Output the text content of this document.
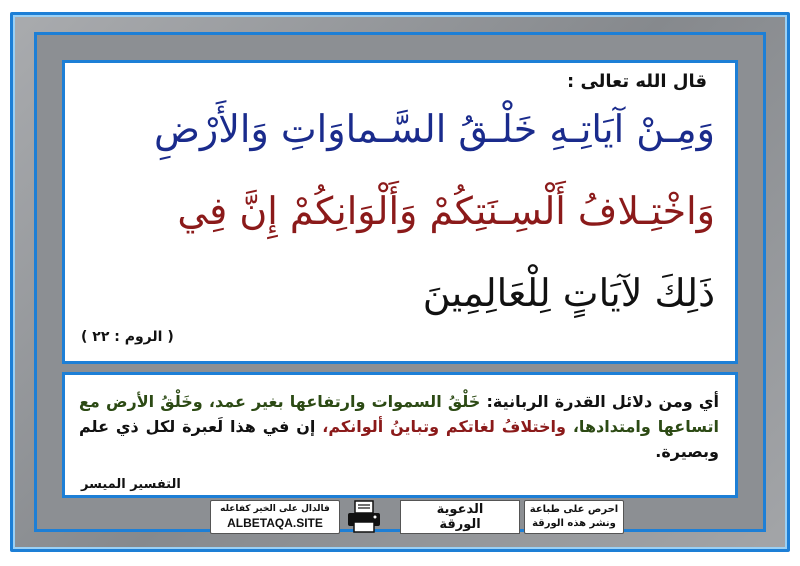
قال الله تعالى :
وَمِـنْ آيَاتِـهِ خَلْـقُ السَّـماوَاتِ وَالأَرْضِ
وَاخْتِـلافُ أَلْسِـنَتِكُمْ وَأَلْوَانِكُمْ إِنَّ فِي
ذَلِكَ لآيَاتٍ لِلْعَالِمِينَ
( الروم : ٢٢ )
أي ومن دلائل القدرة الربانية: خَلْقُ السموات وارتفاعها بغير عمد، وخَلْقُ الأرض مع اتساعها وامتدادها، واختلافُ لغاتكم وتباينُ ألوانكم، إن في هذا لَعبرة لكل ذي علم وبصيرة.
التفسير الميسر
فالدال على الخير كفاعله
ALBETAQA.SITE
الدعوية
الورقة
احرص على طباعة
ونشر هذه الورقة
